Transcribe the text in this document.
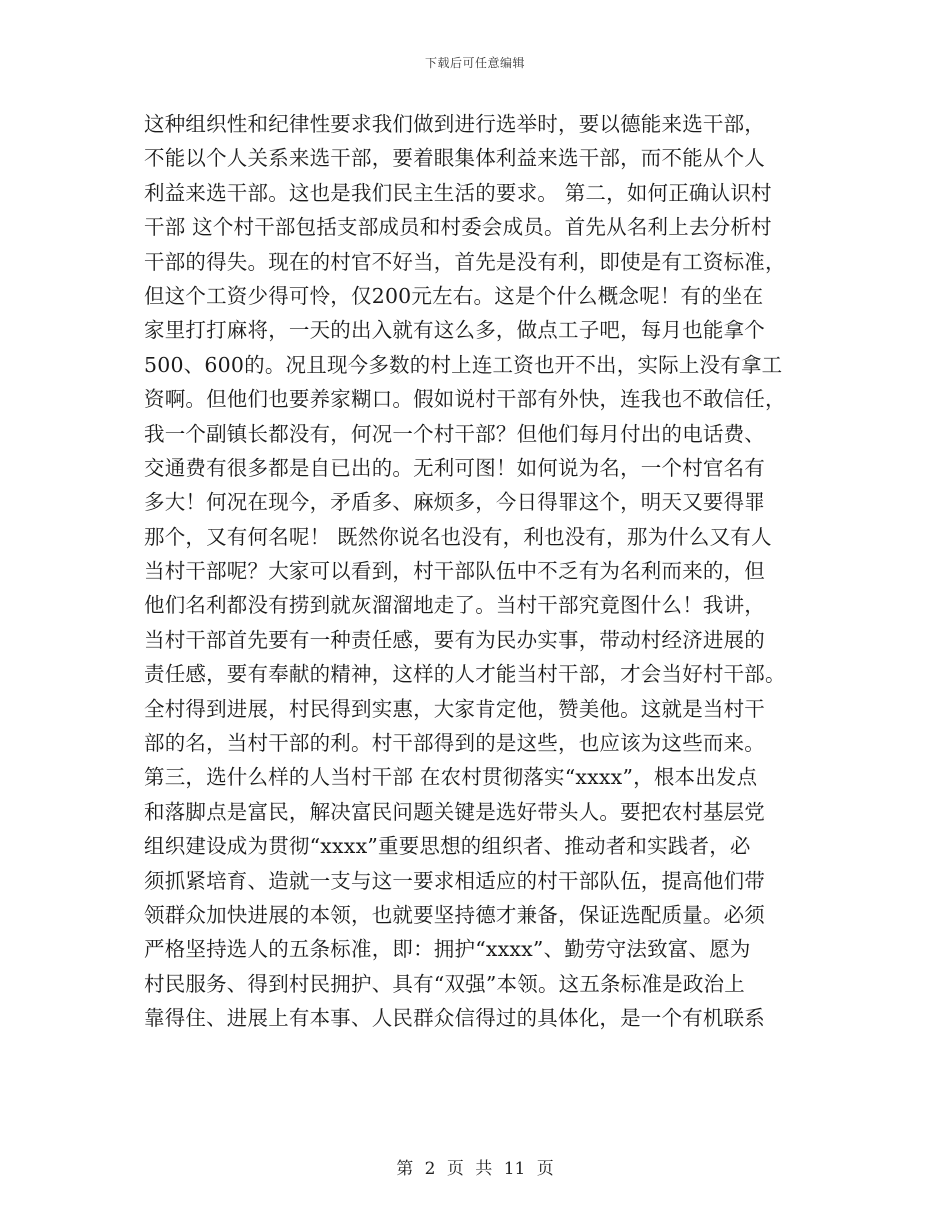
下载后可任意编辑
这种组织性和纪律性要求我们做到进行选举时，要以德能来选干部，
不能以个人关系来选干部，要着眼集体利益来选干部，而不能从个人
利益来选干部。这也是我们民主生活的要求。 第二，如何正确认识村
干部 这个村干部包括支部成员和村委会成员。首先从名利上去分析村
干部的得失。现在的村官不好当，首先是没有利，即使是有工资标准，
但这个工资少得可怜，仅200元左右。这是个什么概念呢！有的坐在
家里打打麻将，一天的出入就有这么多，做点工子吧，每月也能拿个
500、600的。况且现今多数的村上连工资也开不出，实际上没有拿工
资啊。但他们也要养家糊口。假如说村干部有外快，连我也不敢信任，
我一个副镇长都没有，何况一个村干部？但他们每月付出的电话费、
交通费有很多都是自已出的。无利可图！如何说为名，一个村官名有
多大！何况在现今，矛盾多、麻烦多，今日得罪这个，明天又要得罪
那个，又有何名呢！ 既然你说名也没有，利也没有，那为什么又有人
当村干部呢？大家可以看到，村干部队伍中不乏有为名利而来的，但
他们名利都没有捞到就灰溜溜地走了。当村干部究竟图什么！我讲，
当村干部首先要有一种责任感，要有为民办实事，带动村经济进展的
责任感，要有奉献的精神，这样的人才能当村干部，才会当好村干部。
全村得到进展，村民得到实惠，大家肯定他，赞美他。这就是当村干
部的名，当村干部的利。村干部得到的是这些，也应该为这些而来。
第三，选什么样的人当村干部 在农村贯彻落实“xxxx”，根本出发点
和落脚点是富民，解决富民问题关键是选好带头人。要把农村基层党
组织建设成为贯彻“xxxx”重要思想的组织者、推动者和实践者，必
须抓紧培育、造就一支与这一要求相适应的村干部队伍，提高他们带
领群众加快进展的本领，也就要坚持德才兼备，保证选配质量。必须
严格坚持选人的五条标准，即：拥护“xxxx”、勤劳守法致富、愿为
村民服务、得到村民拥护、具有“双强”本领。这五条标准是政治上
靠得住、进展上有本事、人民群众信得过的具体化，是一个有机联系
第 2 页 共 11 页
